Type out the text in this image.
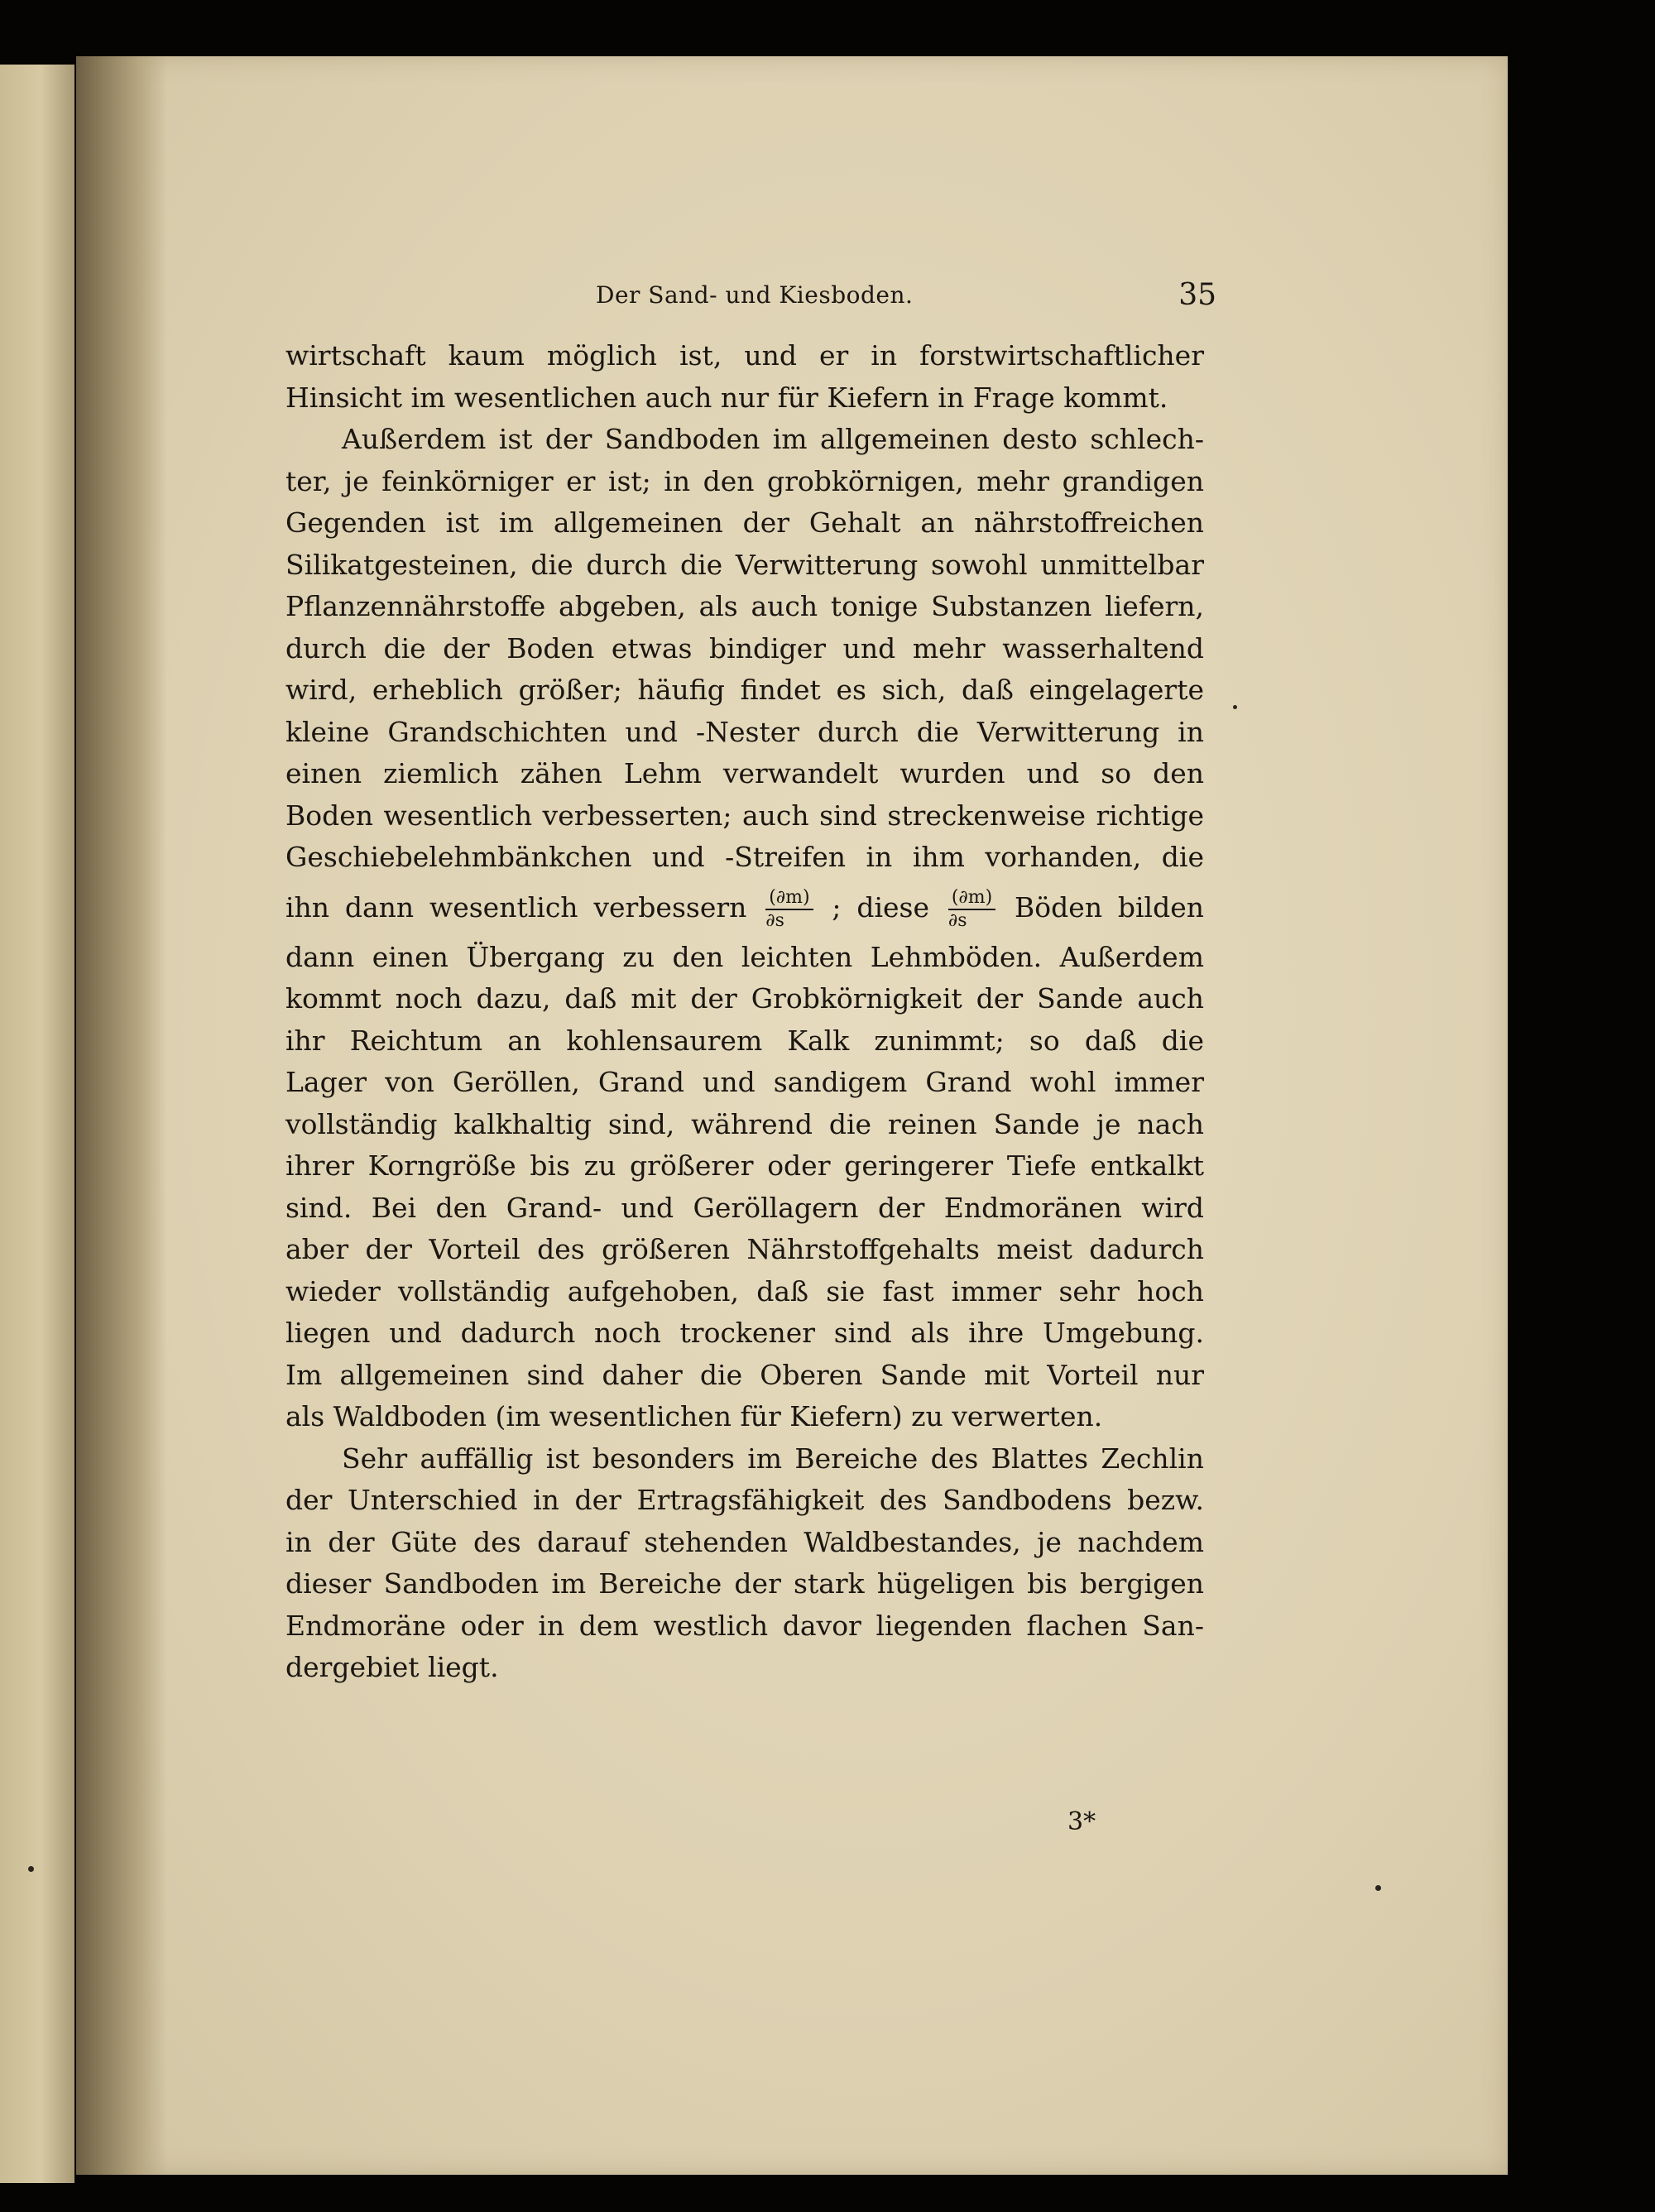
Der Sand- und Kiesboden.	35
wirtschaft kaum möglich ist, und er in forstwirtschaftlicher
Hinsicht im wesentlichen auch nur für Kiefern in Frage kommt.
Außerdem ist der Sandboden im allgemeinen desto schlech-
ter, je feinkörniger er ist; in den grobkörnigen, mehr grandigen
Gegenden ist im allgemeinen der Gehalt an nährstoffreichen
Silikatgesteinen, die durch die Verwitterung sowohl unmittelbar
Pflanzennährstoffe abgeben, als auch tonige Substanzen liefern,
durch die der Boden etwas bindiger und mehr wasserhaltend
wird, erheblich größer; häufig findet es sich, daß eingelagerte
kleine Grandschichten und -Nester durch die Verwitterung in
einen ziemlich zähen Lehm verwandelt wurden und so den
Boden wesentlich verbesserten; auch sind streckenweise richtige
Geschiebelehmbänkchen und -Streifen in ihm vorhanden, die
ihn dann wesentlich verbessern $\frac{(\partial m)}{\partial s}$ ; diese $\frac{(\partial m)}{\partial s}$ Böden bilden
dann einen Übergang zu den leichten Lehmböden. Außerdem
kommt noch dazu, daß mit der Grobkörnigkeit der Sande auch
ihr Reichtum an kohlensaurem Kalk zunimmt; so daß die
Lager von Geröllen, Grand und sandigem Grand wohl immer
vollständig kalkhaltig sind, während die reinen Sande je nach
ihrer Korngröße bis zu größerer oder geringerer Tiefe entkalkt
sind. Bei den Grand- und Geröllagern der Endmoränen wird
aber der Vorteil des größeren Nährstoffgehalts meist dadurch
wieder vollständig aufgehoben, daß sie fast immer sehr hoch
liegen und dadurch noch trockener sind als ihre Umgebung.
Im allgemeinen sind daher die Oberen Sande mit Vorteil nur
als Waldboden (im wesentlichen für Kiefern) zu verwerten.
Sehr auffällig ist besonders im Bereiche des Blattes Zechlin
der Unterschied in der Ertragsfähigkeit des Sandbodens bezw.
in der Güte des darauf stehenden Waldbestandes, je nachdem
dieser Sandboden im Bereiche der stark hügeligen bis bergigen
Endmoräne oder in dem westlich davor liegenden flachen San-
dergebiet liegt.
3*
